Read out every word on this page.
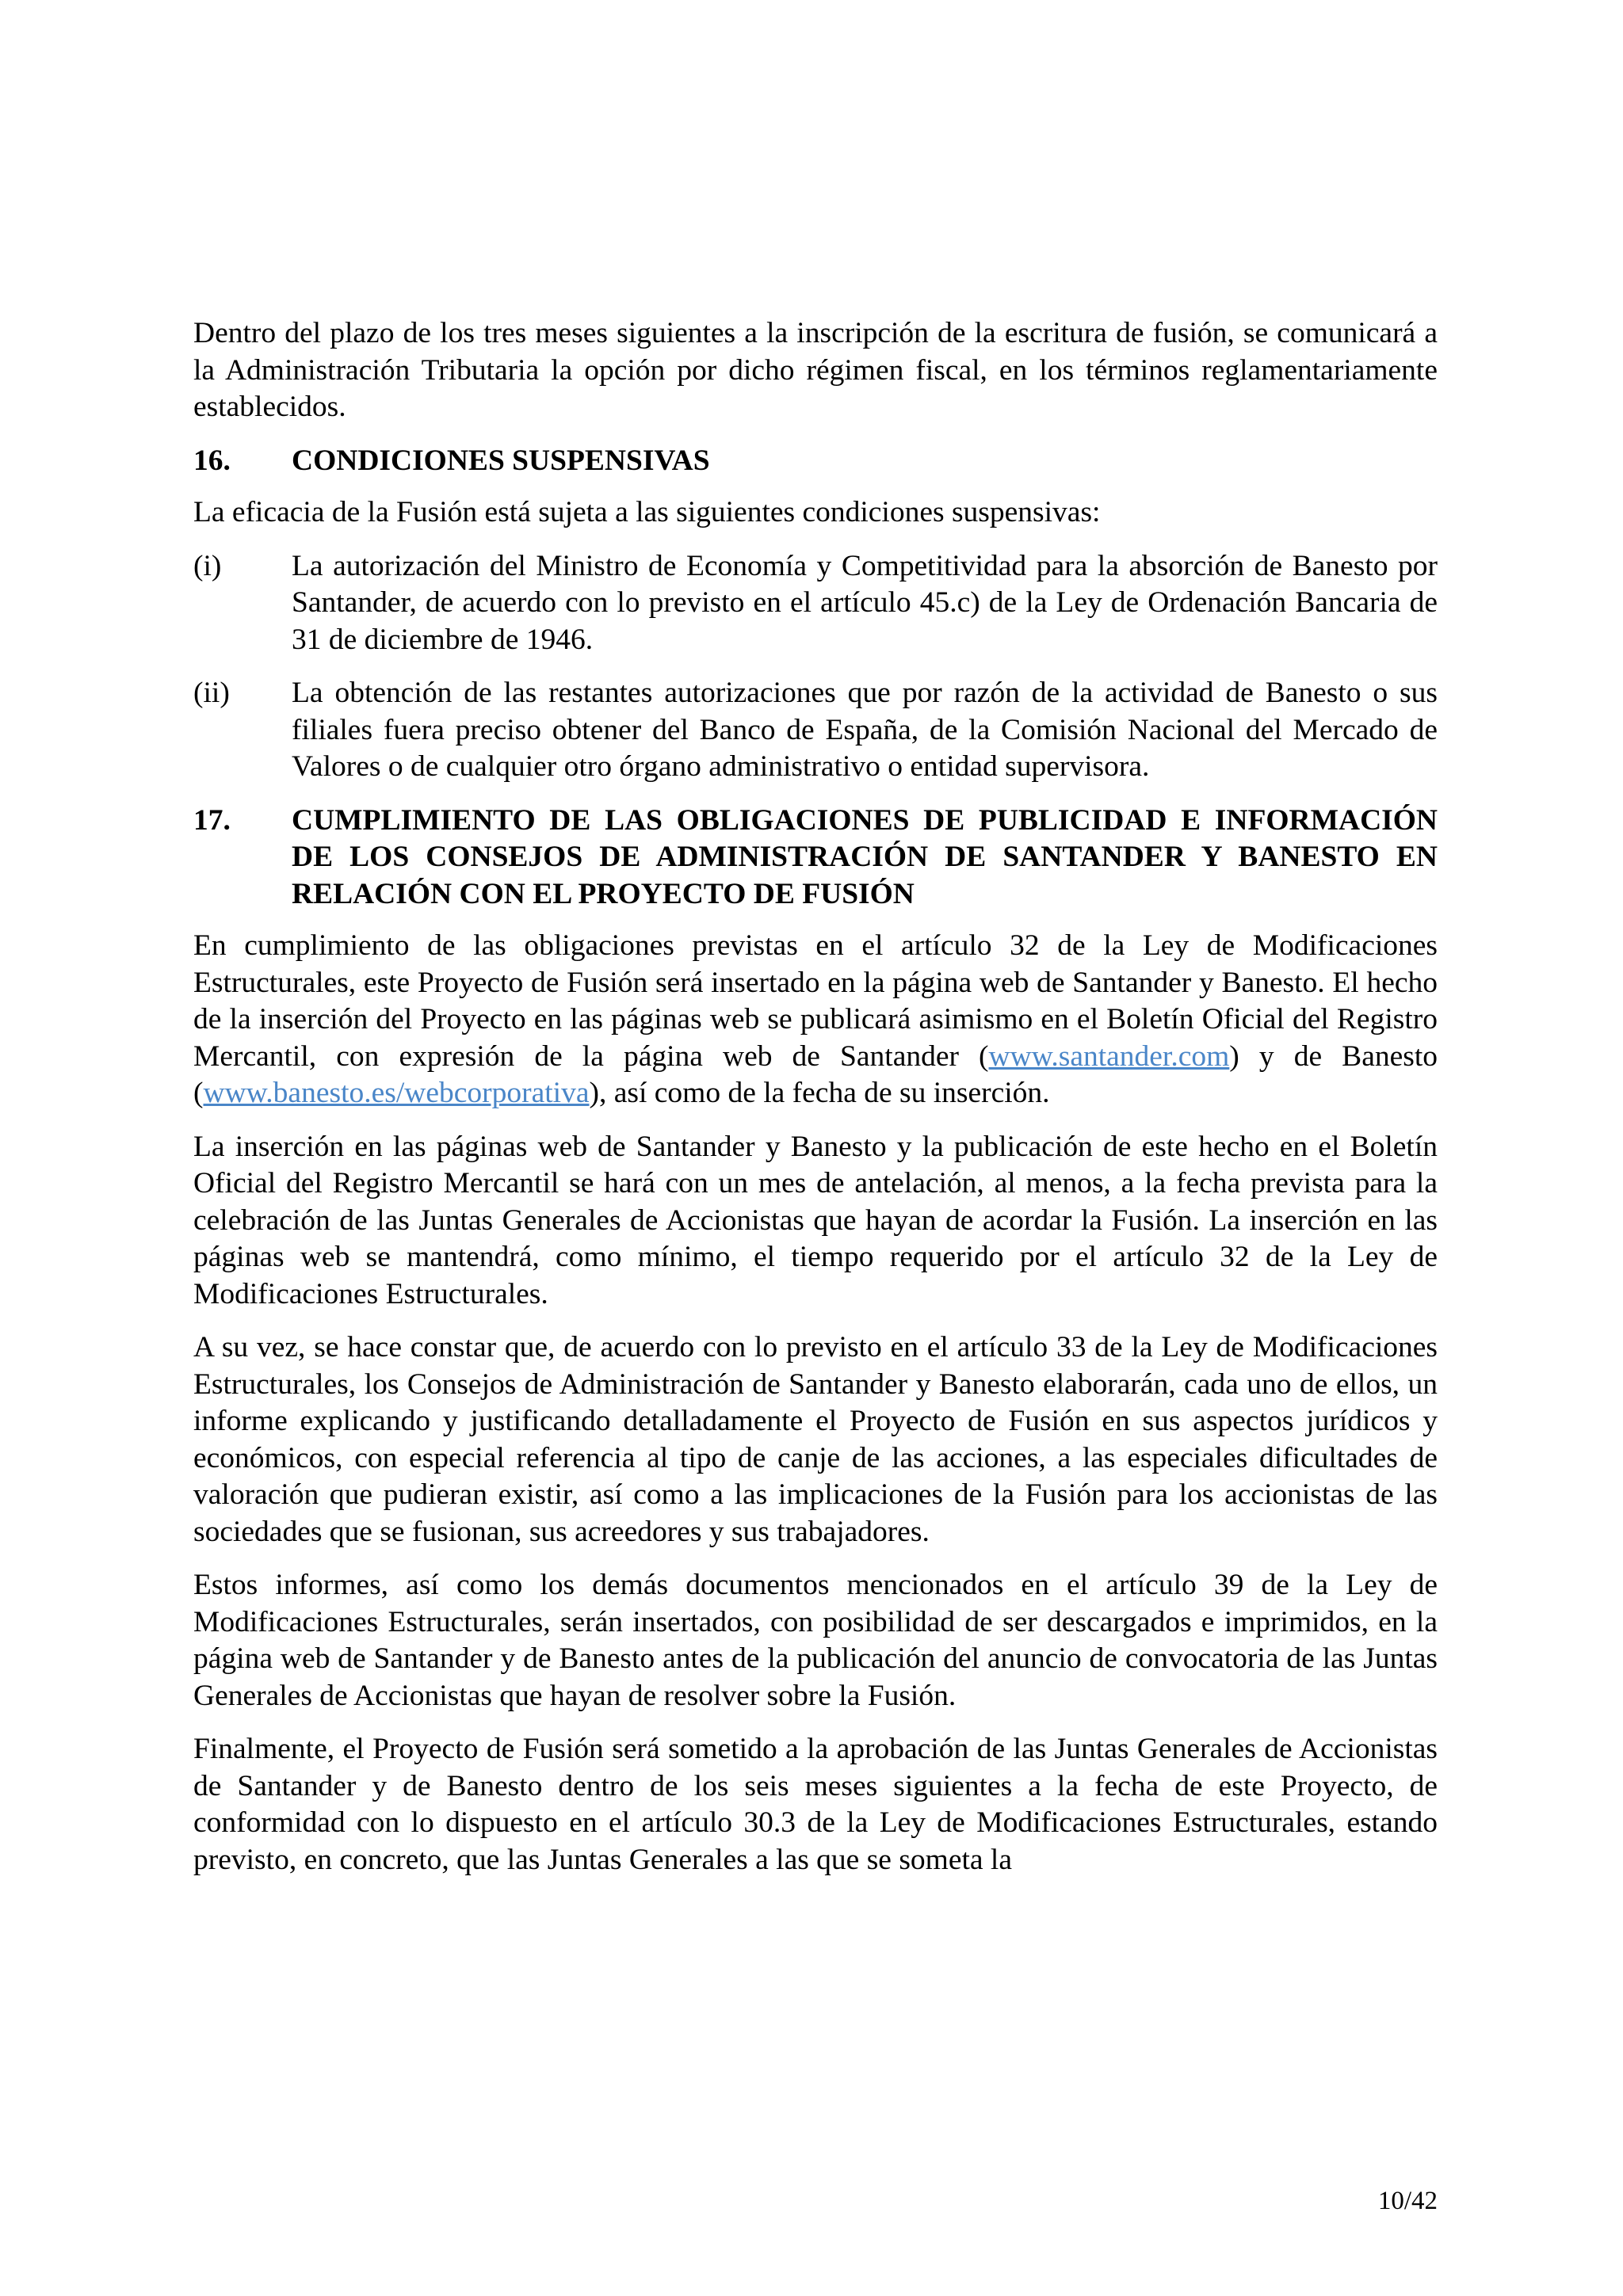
Dentro del plazo de los tres meses siguientes a la inscripción de la escritura de fusión, se comunicará a la Administración Tributaria la opción por dicho régimen fiscal, en los términos reglamentariamente establecidos.

16.	CONDICIONES SUSPENSIVAS

La eficacia de la Fusión está sujeta a las siguientes condiciones suspensivas:

(i)	La autorización del Ministro de Economía y Competitividad para la absorción de Banesto por Santander, de acuerdo con lo previsto en el artículo 45.c) de la Ley de Ordenación Bancaria de 31 de diciembre de 1946.
(ii)	La obtención de las restantes autorizaciones que por razón de la actividad de Banesto o sus filiales fuera preciso obtener del Banco de España, de la Comisión Nacional del Mercado de Valores o de cualquier otro órgano administrativo o entidad supervisora.
17.	CUMPLIMIENTO DE LAS OBLIGACIONES DE PUBLICIDAD E INFORMACIÓN DE LOS CONSEJOS DE ADMINISTRACIÓN DE SANTANDER Y BANESTO EN RELACIÓN CON EL PROYECTO DE FUSIÓN

En cumplimiento de las obligaciones previstas en el artículo 32 de la Ley de Modificaciones Estructurales, este Proyecto de Fusión será insertado en la página web de Santander y Banesto. El hecho de la inserción del Proyecto en las páginas web se publicará asimismo en el Boletín Oficial del Registro Mercantil, con expresión de la página web de Santander (www.santander.com) y de Banesto (www.banesto.es/webcorporativa), así como de la fecha de su inserción.

La inserción en las páginas web de Santander y Banesto y la publicación de este hecho en el Boletín Oficial del Registro Mercantil se hará con un mes de antelación, al menos, a la fecha prevista para la celebración de las Juntas Generales de Accionistas que hayan de acordar la Fusión. La inserción en las páginas web se mantendrá, como mínimo, el tiempo requerido por el artículo 32 de la Ley de Modificaciones Estructurales.

A su vez, se hace constar que, de acuerdo con lo previsto en el artículo 33 de la Ley de Modificaciones Estructurales, los Consejos de Administración de Santander y Banesto elaborarán, cada uno de ellos, un informe explicando y justificando detalladamente el Proyecto de Fusión en sus aspectos jurídicos y económicos, con especial referencia al tipo de canje de las acciones, a las especiales dificultades de valoración que pudieran existir, así como a las implicaciones de la Fusión para los accionistas de las sociedades que se fusionan, sus acreedores y sus trabajadores.

Estos informes, así como los demás documentos mencionados en el artículo 39 de la Ley de Modificaciones Estructurales, serán insertados, con posibilidad de ser descargados e imprimidos, en la página web de Santander y de Banesto antes de la publicación del anuncio de convocatoria de las Juntas Generales de Accionistas que hayan de resolver sobre la Fusión.

Finalmente, el Proyecto de Fusión será sometido a la aprobación de las Juntas Generales de Accionistas de Santander y de Banesto dentro de los seis meses siguientes a la fecha de este Proyecto, de conformidad con lo dispuesto en el artículo 30.3 de la Ley de Modificaciones Estructurales, estando previsto, en concreto, que las Juntas Generales a las que se someta la

10/42
